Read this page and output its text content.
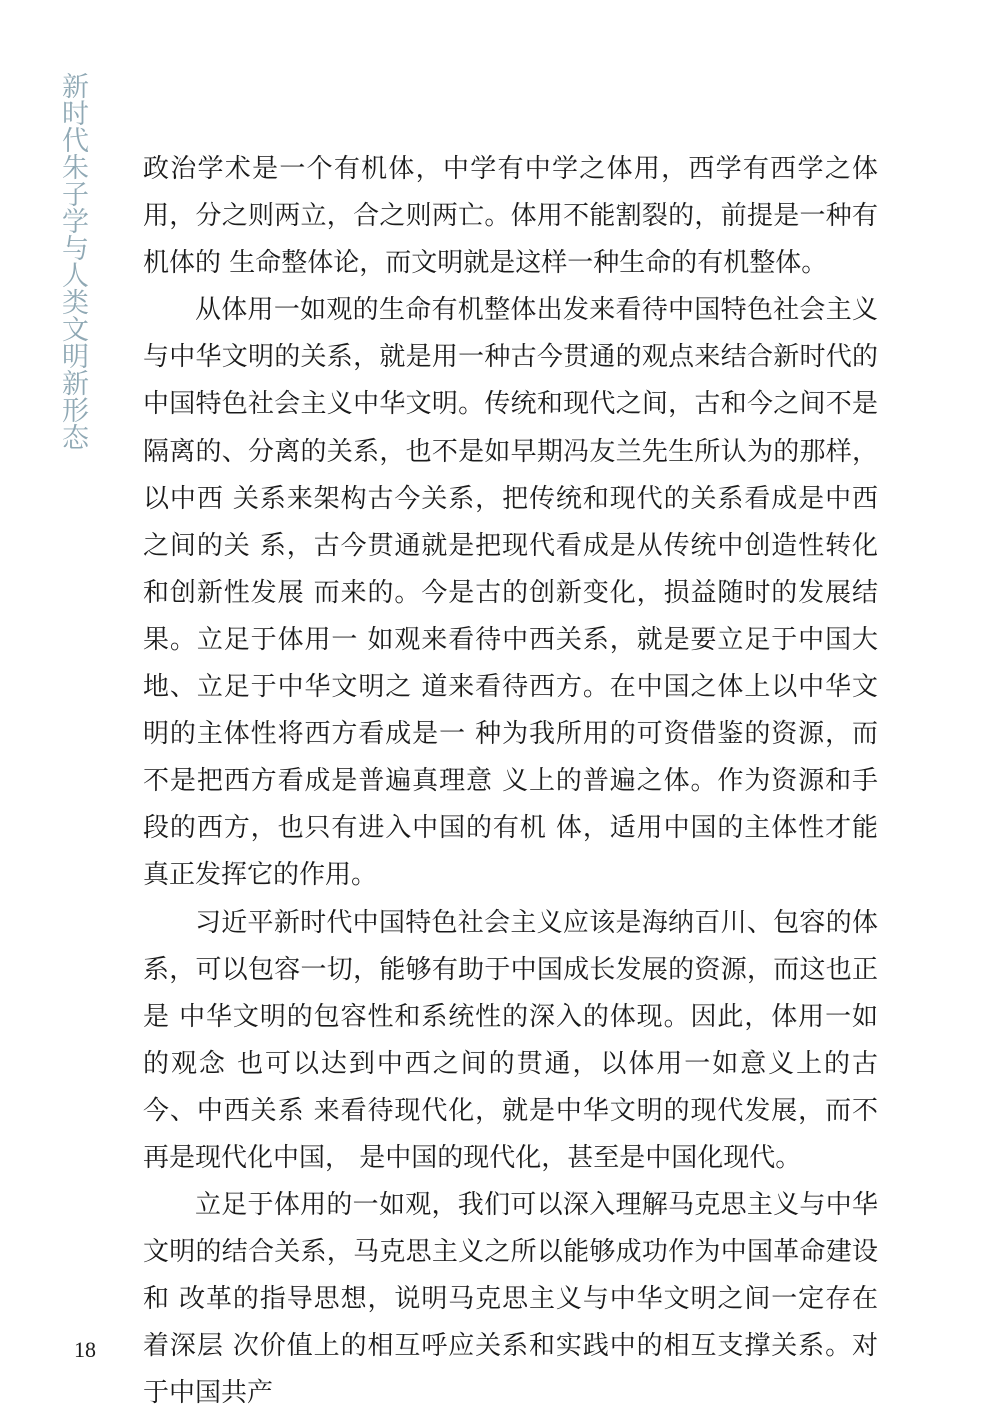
新时代朱子学与人类文明新形态 政治学术是一个有机体，中学有中学之体用，西学有西学之体用，分之则两立，合之则两亡。体用不能割裂的，前提是一种有机体的 生命整体论，而文明就是这样一种生命的有机整体。

从体用一如观的生命有机整体出发来看待中国特色社会主义与中华文明的关系，就是用一种古今贯通的观点来结合新时代的中国特色社会主义中华文明。传统和现代之间，古和今之间不是隔离的、分离的关系，也不是如早期冯友兰先生所认为的那样，以中西 关系来架构古今关系，把传统和现代的关系看成是中西之间的关 系，古今贯通就是把现代看成是从传统中创造性转化和创新性发展 而来的。今是古的创新变化，损益随时的发展结果。立足于体用一 如观来看待中西关系，就是要立足于中国大地、立足于中华文明之 道来看待西方。在中国之体上以中华文明的主体性将西方看成是一 种为我所用的可资借鉴的资源，而不是把西方看成是普遍真理意 义上的普遍之体。作为资源和手段的西方，也只有进入中国的有机 体，适用中国的主体性才能真正发挥它的作用。

习近平新时代中国特色社会主义应该是海纳百川、包容的体系，可以包容一切，能够有助于中国成长发展的资源，而这也正是 中华文明的包容性和系统性的深入的体现。因此，体用一如的观念 也可以达到中西之间的贯通，以体用一如意义上的古今、中西关系 来看待现代化，就是中华文明的现代发展，而不再是现代化中国， 是中国的现代化，甚至是中国化现代。

立足于体用的一如观，我们可以深入理解马克思主义与中华 文明的结合关系，马克思主义之所以能够成功作为中国革命建设和 改革的指导思想，说明马克思主义与中华文明之间一定存在着深层 次价值上的相互呼应关系和实践中的相互支撑关系。对于中国共产

18
